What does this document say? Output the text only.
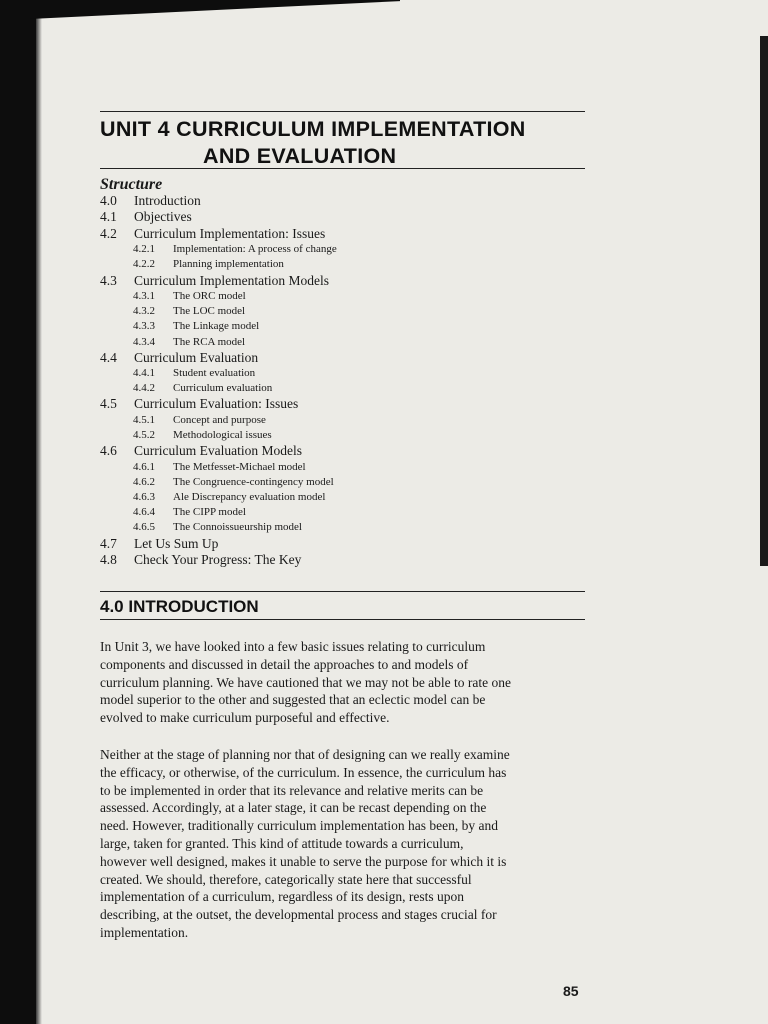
UNIT 4 CURRICULUM IMPLEMENTATION
AND EVALUATION
Structure
4.0 Introduction
4.1 Objectives
4.2 Curriculum Implementation: Issues
4.2.1 Implementation: A process of change
4.2.2 Planning implementation
4.3 Curriculum Implementation Models
4.3.1 The ORC model
4.3.2 The LOC model
4.3.3 The Linkage model
4.3.4 The RCA model
4.4 Curriculum Evaluation
4.4.1 Student evaluation
4.4.2 Curriculum evaluation
4.5 Curriculum Evaluation: Issues
4.5.1 Concept and purpose
4.5.2 Methodological issues
4.6 Curriculum Evaluation Models
4.6.1 The Metfesset-Michael model
4.6.2 The Congruence-contingency model
4.6.3 Ale Discrepancy evaluation model
4.6.4 The CIPP model
4.6.5 The Connoissueurship model
4.7 Let Us Sum Up
4.8 Check Your Progress: The Key
4.0 INTRODUCTION

In Unit 3, we have looked into a few basic issues relating to curriculum
components and discussed in detail the approaches to and models of
curriculum planning. We have cautioned that we may not be able to rate one
model superior to the other and suggested that an eclectic model can be
evolved to make curriculum purposeful and effective.

Neither at the stage of planning nor that of designing can we really examine
the efficacy, or otherwise, of the curriculum. In essence, the curriculum has
to be implemented in order that its relevance and relative merits can be
assessed. Accordingly, at a later stage, it can be recast depending on the
need. However, traditionally curriculum implementation has been, by and
large, taken for granted. This kind of attitude towards a curriculum,
however well designed, makes it unable to serve the purpose for which it is
created. We should, therefore, categorically state here that successful
implementation of a curriculum, regardless of its design, rests upon
describing, at the outset, the developmental process and stages crucial for
implementation.

85
